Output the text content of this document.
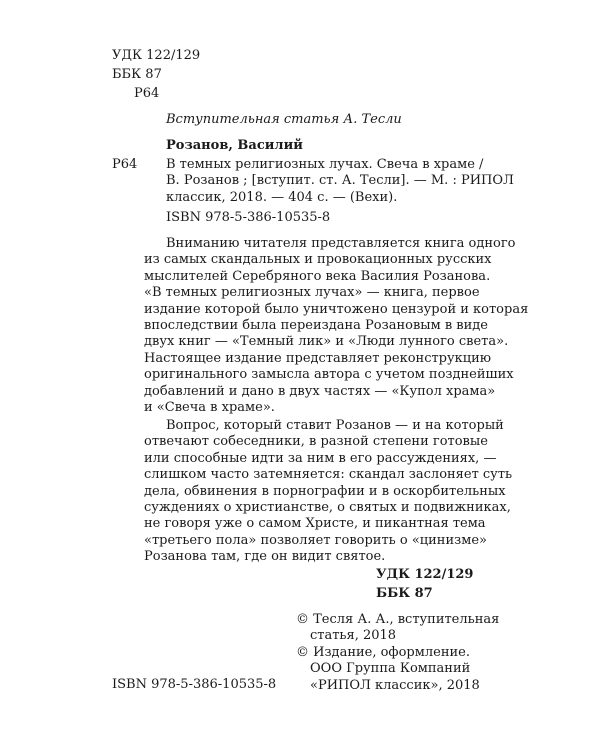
УДК 122/129
ББК 87
Р64
Вступительная статья А. Тесли
Розанов, Василий
Р64 В темных религиозных лучах. Свеча в храме /
В. Розанов ; [вступит. ст. А. Тесли]. — М. : РИПОЛ
классик, 2018. — 404 с. — (Вехи).
ISBN 978-5-386-10535-8
Вниманию читателя представляется книга одного
из самых скандальных и провокационных русских
мыслителей Серебряного века Василия Розанова.
«В темных религиозных лучах» — книга, первое
издание которой было уничтожено цензурой и которая
впоследствии была переиздана Розановым в виде
двух книг — «Темный лик» и «Люди лунного света».
Настоящее издание представляет реконструкцию
оригинального замысла автора с учетом позднейших
добавлений и дано в двух частях — «Купол храма»
и «Свеча в храме».
Вопрос, который ставит Розанов — и на который
отвечают собеседники, в разной степени готовые
или способные идти за ним в его рассуждениях, —
слишком часто затемняется: скандал заслоняет суть
дела, обвинения в порнографии и в оскорбительных
суждениях о христианстве, о святых и подвижниках,
не говоря уже о самом Христе, и пикантная тема
«третьего пола» позволяет говорить о «цинизме»
Розанова там, где он видит святое.
УДК 122/129
ББК 87
© Тесля А. А., вступительная
статья, 2018
© Издание, оформление.
ООО Группа Компаний
«РИПОЛ классик», 2018
ISBN 978-5-386-10535-8
